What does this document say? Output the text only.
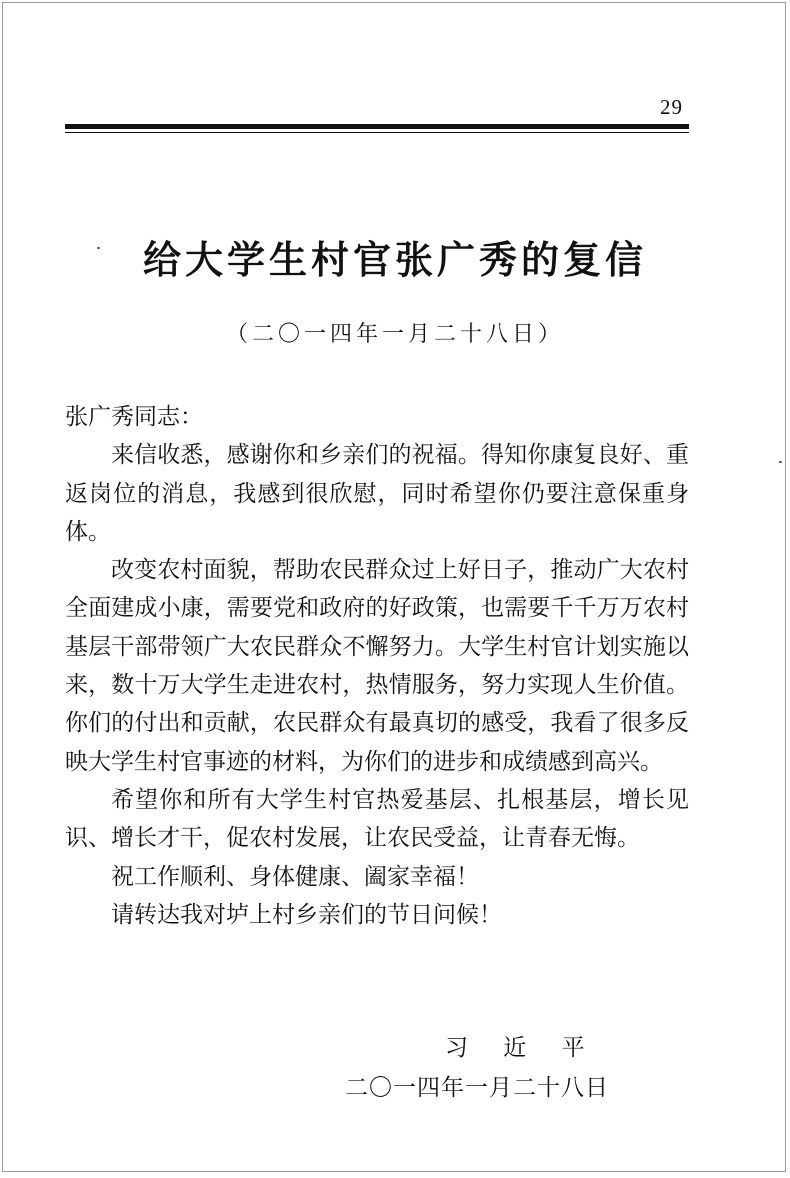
29
给大学生村官张广秀的复信
（二〇一四年一月二十八日）

张广秀同志：

来信收悉，感谢你和乡亲们的祝福。得知你康复良好、重返岗位的消息，我感到很欣慰，同时希望你仍要注意保重身体。

改变农村面貌，帮助农民群众过上好日子，推动广大农村全面建成小康，需要党和政府的好政策，也需要千千万万农村基层干部带领广大农民群众不懈努力。大学生村官计划实施以来，数十万大学生走进农村，热情服务，努力实现人生价值。你们的付出和贡献，农民群众有最真切的感受，我看了很多反映大学生村官事迹的材料，为你们的进步和成绩感到高兴。

希望你和所有大学生村官热爱基层、扎根基层，增长见识、增长才干，促农村发展，让农民受益，让青春无悔。

祝工作顺利、身体健康、阖家幸福！

请转达我对垆上村乡亲们的节日问候！

习 近 平
二〇一四年一月二十八日
